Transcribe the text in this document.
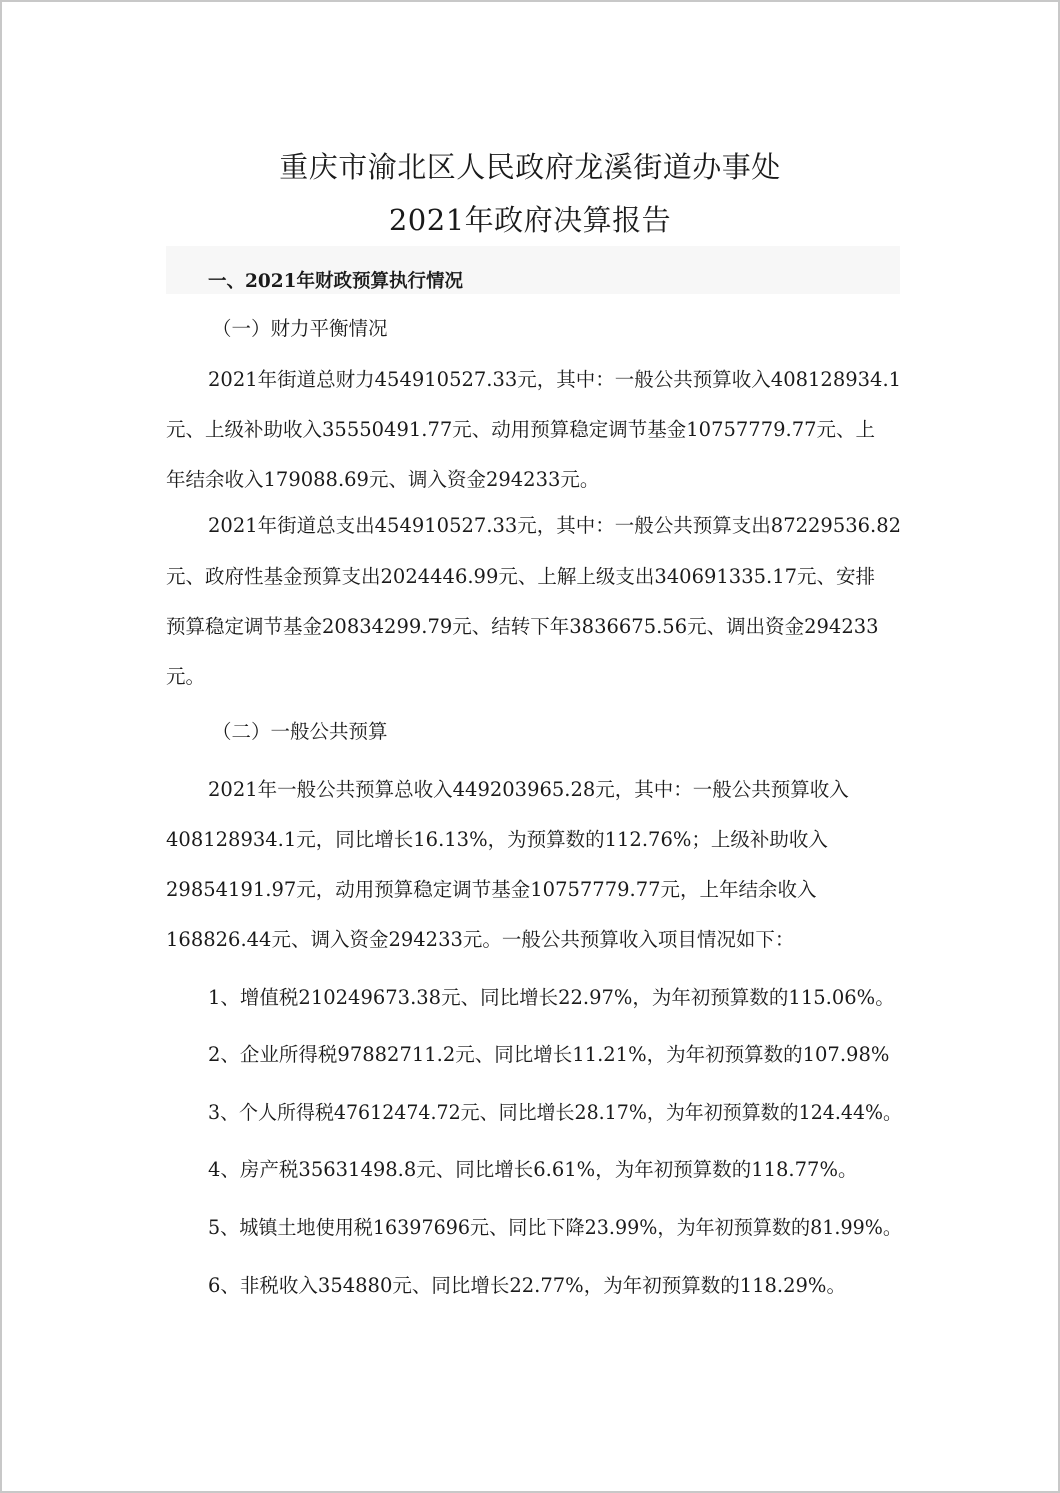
重庆市渝北区人民政府龙溪街道办事处
2021年政府决算报告
一、2021年财政预算执行情况
（一）财力平衡情况
2021年街道总财力454910527.33元，其中：一般公共预算收入408128934.1
元、上级补助收入35550491.77元、动用预算稳定调节基金10757779.77元、上
年结余收入179088.69元、调入资金294233元。
2021年街道总支出454910527.33元，其中：一般公共预算支出87229536.82
元、政府性基金预算支出2024446.99元、上解上级支出340691335.17元、安排
预算稳定调节基金20834299.79元、结转下年3836675.56元、调出资金294233
元。
（二）一般公共预算
2021年一般公共预算总收入449203965.28元，其中：一般公共预算收入
408128934.1元，同比增长16.13%，为预算数的112.76%；上级补助收入
29854191.97元，动用预算稳定调节基金10757779.77元，上年结余收入
168826.44元、调入资金294233元。一般公共预算收入项目情况如下：
1、增值税210249673.38元、同比增长22.97%，为年初预算数的115.06%。
2、企业所得税97882711.2元、同比增长11.21%，为年初预算数的107.98%
3、个人所得税47612474.72元、同比增长28.17%，为年初预算数的124.44%。
4、房产税35631498.8元、同比增长6.61%，为年初预算数的118.77%。
5、城镇土地使用税16397696元、同比下降23.99%，为年初预算数的81.99%。
6、非税收入354880元、同比增长22.77%，为年初预算数的118.29%。
